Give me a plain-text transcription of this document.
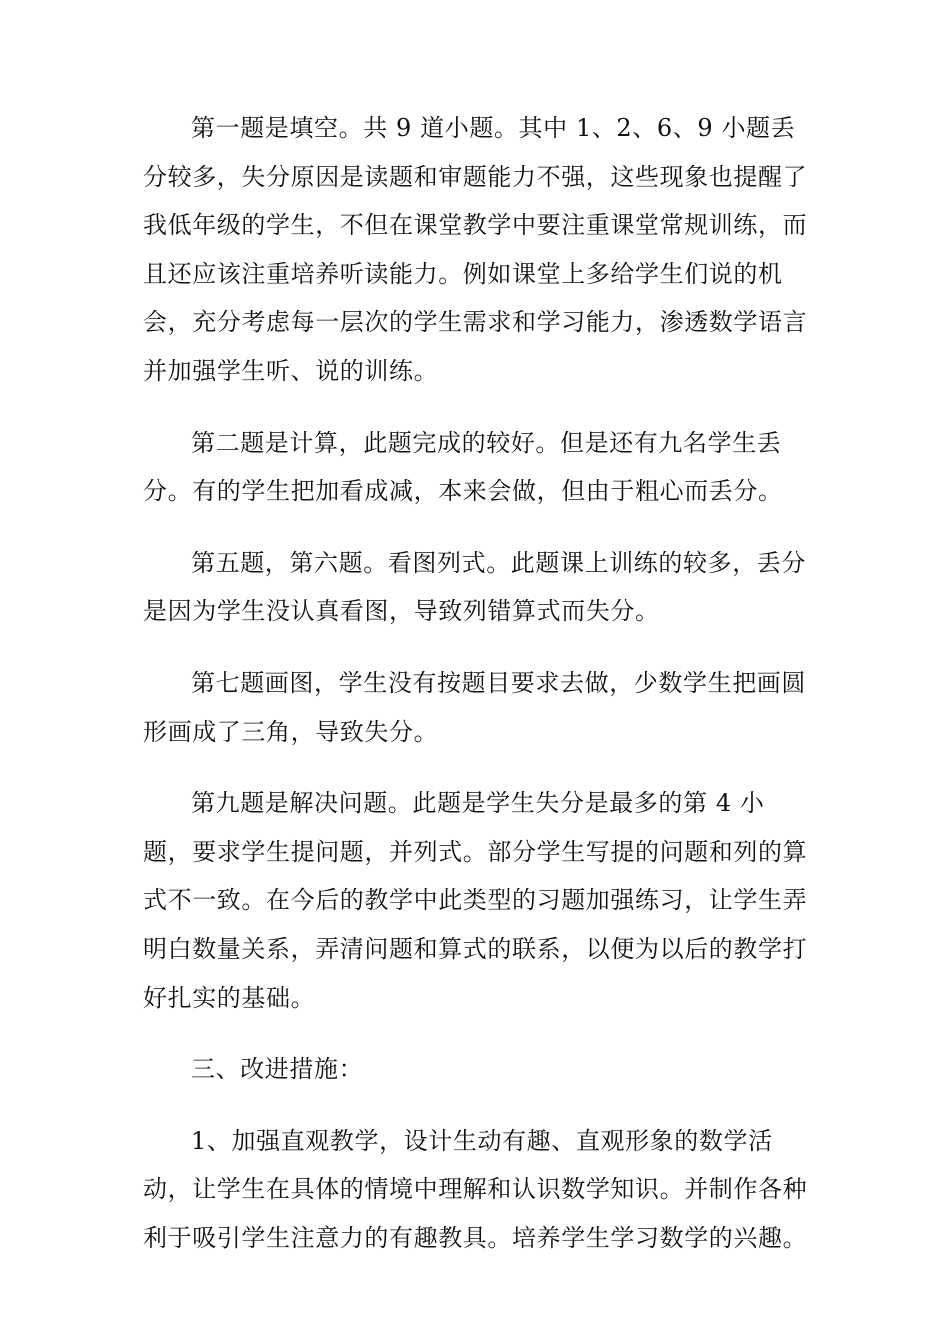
第一题是填空。共 9 道小题。其中 1、2、6、9 小题丢分较多，失分原因是读题和审题能力不强，这些现象也提醒了我低年级的学生，不但在课堂教学中要注重课堂常规训练，而且还应该注重培养听读能力。例如课堂上多给学生们说的机会，充分考虑每一层次的学生需求和学习能力，渗透数学语言并加强学生听、说的训练。

第二题是计算，此题完成的较好。但是还有九名学生丢分。有的学生把加看成减，本来会做，但由于粗心而丢分。

第五题，第六题。看图列式。此题课上训练的较多，丢分是因为学生没认真看图，导致列错算式而失分。

第七题画图，学生没有按题目要求去做，少数学生把画圆形画成了三角，导致失分。

第九题是解决问题。此题是学生失分是最多的第 4 小题，要求学生提问题，并列式。部分学生写提的问题和列的算式不一致。在今后的教学中此类型的习题加强练习，让学生弄明白数量关系，弄清问题和算式的联系，以便为以后的教学打好扎实的基础。

三、改进措施：

1、加强直观教学，设计生动有趣、直观形象的数学活动，让学生在具体的情境中理解和认识数学知识。并制作各种利于吸引学生注意力的有趣教具。培养学生学习数学的兴趣。
